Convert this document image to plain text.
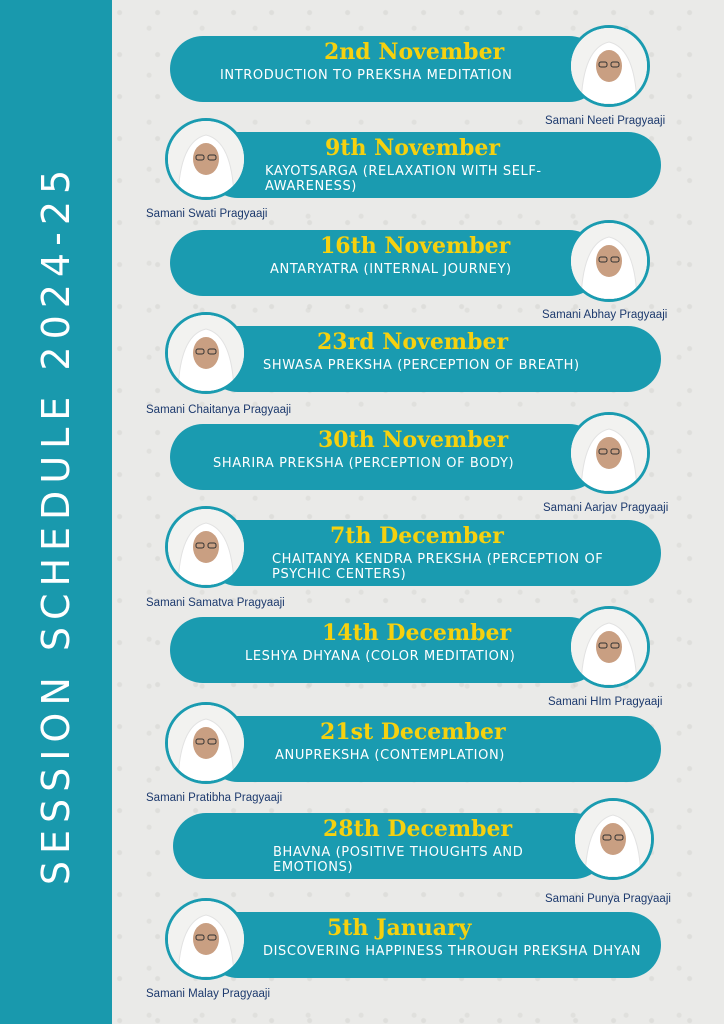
SESSION SCHEDULE 2024-25
2nd November
INTRODUCTION TO PREKSHA MEDITATION
Samani Neeti Pragyaaji
9th November
KAYOTSARGA (RELAXATION WITH SELF-AWARENESS)
Samani Swati Pragyaaji
16th November
ANTARYATRA (INTERNAL JOURNEY)
Samani Abhay Pragyaaji
23rd November
SHWASA PREKSHA (PERCEPTION OF BREATH)
Samani Chaitanya Pragyaaji
30th November
SHARIRA PREKSHA (PERCEPTION OF BODY)
Samani Aarjav Pragyaaji
7th December
CHAITANYA KENDRA PREKSHA (PERCEPTION OF PSYCHIC CENTERS)
Samani Samatva Pragyaaji
14th December
LESHYA DHYANA (COLOR MEDITATION)
Samani HIm Pragyaaji
21st December
ANUPREKSHA (CONTEMPLATION)
Samani Pratibha Pragyaaji
28th December
BHAVNA (POSITIVE THOUGHTS AND EMOTIONS)
Samani Punya Pragyaaji
5th January
DISCOVERING HAPPINESS THROUGH PREKSHA DHYAN
Samani Malay Pragyaaji
